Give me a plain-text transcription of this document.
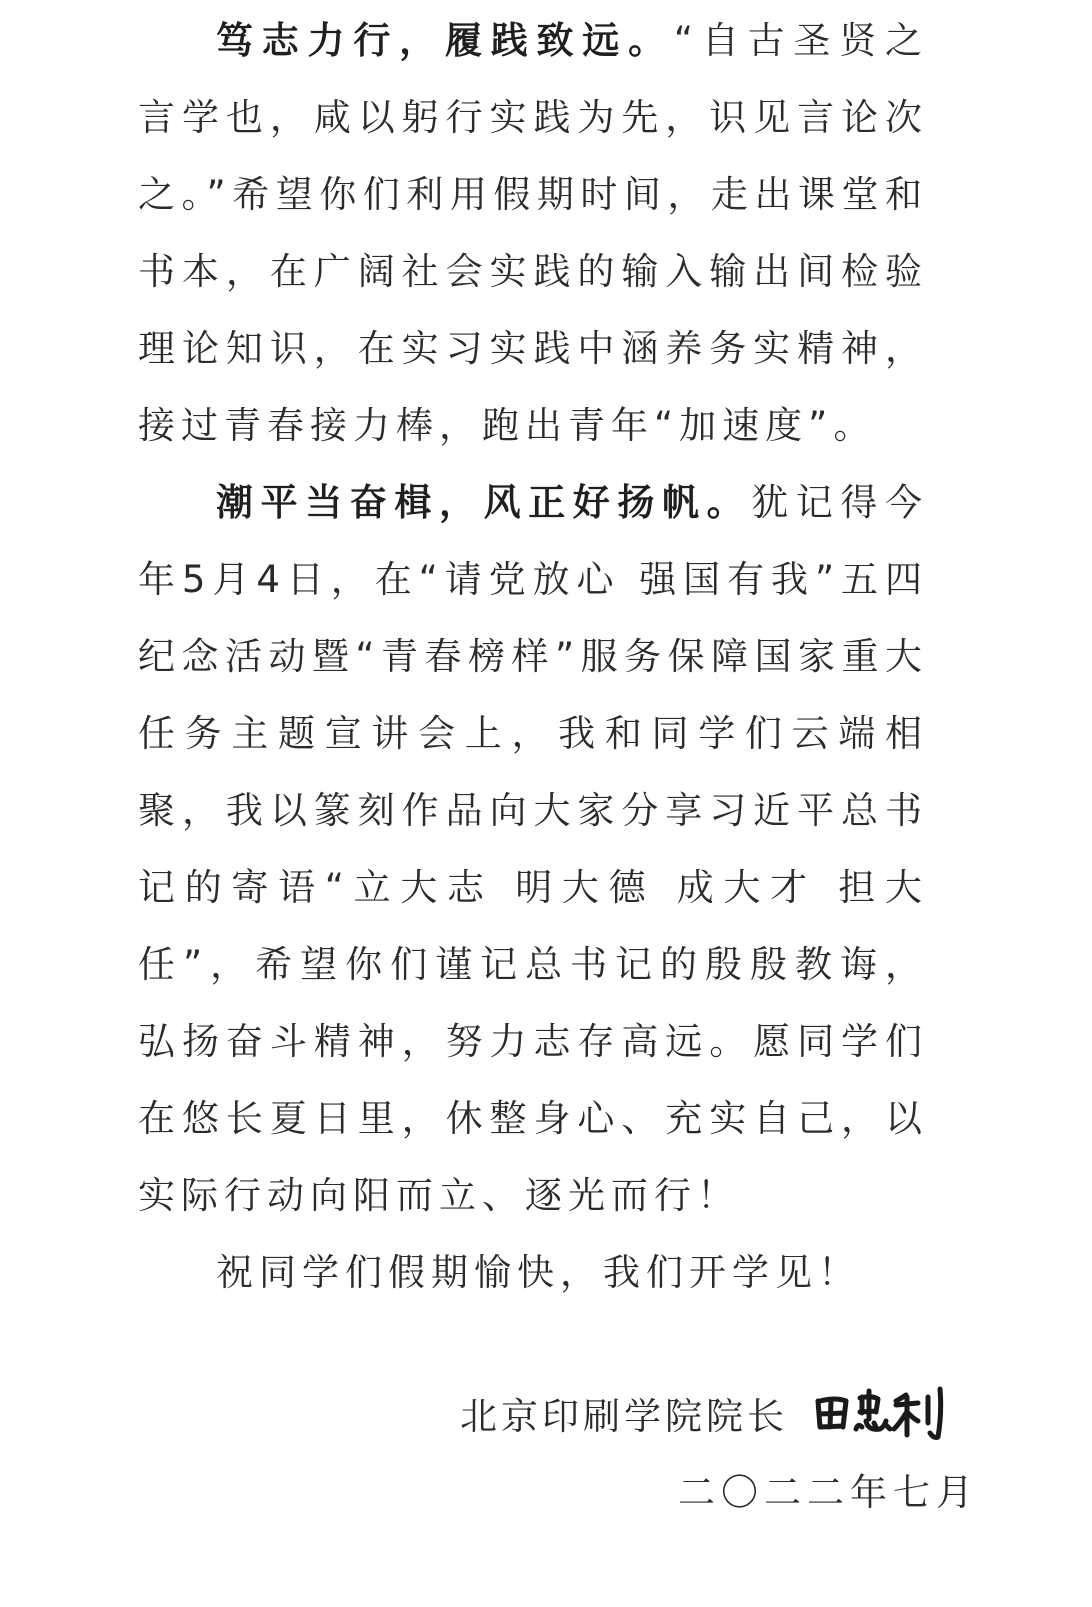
笃志力行，履践致远。“自古圣贤之言学也，咸以躬行实践为先，识见言论次之。”希望你们利用假期时间，走出课堂和书本，在广阔社会实践的输入输出间检验理论知识，在实习实践中涵养务实精神，接过青春接力棒，跑出青年“加速度”。

潮平当奋楫，风正好扬帆。犹记得今年5月4日，在“请党放心 强国有我”五四纪念活动暨“青春榜样”服务保障国家重大任务主题宣讲会上，我和同学们云端相聚，我以篆刻作品向大家分享习近平总书记的寄语“立大志 明大德 成大才 担大任”，希望你们谨记总书记的殷殷教诲，弘扬奋斗精神，努力志存高远。愿同学们在悠长夏日里，休整身心、充实自己，以实际行动向阳而立、逐光而行！

祝同学们假期愉快，我们开学见！

北京印刷学院院长
二〇二二年七月
